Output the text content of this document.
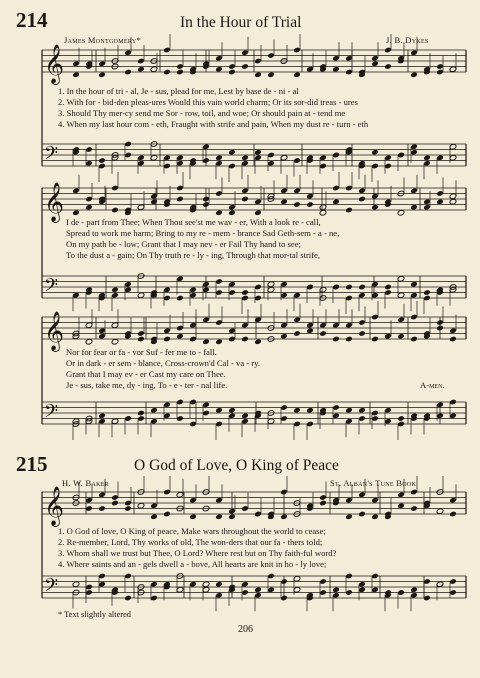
214	In the Hour of Trial
James Montgomery*	J. B. Dykes
𝄞
𝄢
𝄞
𝄢
𝄞
𝄢
𝄞
𝄢
1. In the hour of tri - al, Je - sus, plead for me, Lest by base de - ni - al
2. With for - bid-den pleas-ures Would this vain world charm; Or its sor-did treas - ures
3. Should Thy mer-cy send me Sor - row, toil, and woe; Or should pain at - tend me
4. When my last hour com - eth, Fraught with strife and pain, When my dust re - turn - eth
I de - part from Thee; When Thou see'st me wav - er, With a look re - call,
Spread to work me harm; Bring to my re - mem - brance Sad Geth-sem - a - ne,
On my path be - low; Grant that I may nev - er Fail Thy hand to see;
To the dust a - gain; On Thy truth re - ly - ing, Through that mor-tal strife,
Nor for fear or fa - vor Suf - fer me to - fall.
Or in dark - er sem - blance, Cross-crown'd Cal - va - ry.
Grant that I may ev - er Cast my care on Thee.
Je - sus, take me, dy - ing, To - e - ter - nal life.	A-men.
215	O God of Love, O King of Peace
H. W. Baker	St. Alban's Tune Book
1. O God of love, O King of peace, Make wars throughout the world to cease;
2. Re-member, Lord, Thy works of old, The won-ders that our fa - thers told;
3. Whom shall we trust but Thee, O Lord? Where rest but on Thy faith-ful word?
4. Where saints and an - gels dwell a - bove, All hearts are knit in ho - ly love;
* Text slightly altered
206
